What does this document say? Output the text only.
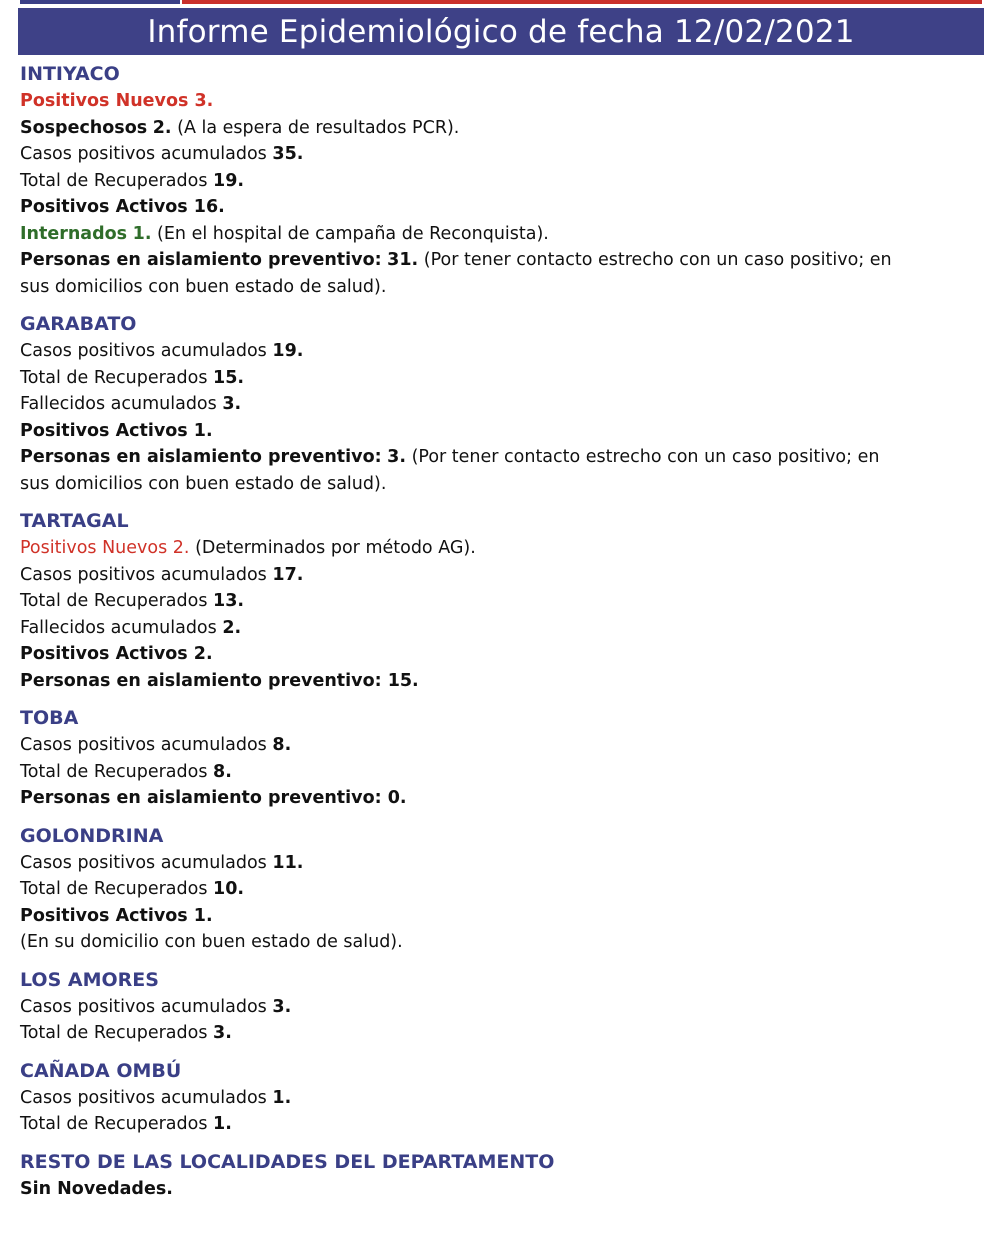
Informe Epidemiológico de fecha 12/02/2021
INTIYACO
Positivos Nuevos 3.
Sospechosos 2. (A la espera de resultados PCR).
Casos positivos acumulados 35.
Total de Recuperados 19.
Positivos Activos 16.
Internados 1. (En el hospital de campaña de Reconquista).
Personas en aislamiento preventivo: 31. (Por tener contacto estrecho con un caso positivo; en
sus domicilios con buen estado de salud).
GARABATO
Casos positivos acumulados 19.
Total de Recuperados 15.
Fallecidos acumulados 3.
Positivos Activos 1.
Personas en aislamiento preventivo: 3. (Por tener contacto estrecho con un caso positivo; en
sus domicilios con buen estado de salud).
TARTAGAL
Positivos Nuevos 2. (Determinados por método AG).
Casos positivos acumulados 17.
Total de Recuperados 13.
Fallecidos acumulados 2.
Positivos Activos 2.
Personas en aislamiento preventivo: 15.
TOBA
Casos positivos acumulados 8.
Total de Recuperados 8.
Personas en aislamiento preventivo: 0.
GOLONDRINA
Casos positivos acumulados 11.
Total de Recuperados 10.
Positivos Activos 1.
(En su domicilio con buen estado de salud).
LOS AMORES
Casos positivos acumulados 3.
Total de Recuperados 3.
CAÑADA OMBÚ
Casos positivos acumulados 1.
Total de Recuperados 1.
RESTO DE LAS LOCALIDADES DEL DEPARTAMENTO
Sin Novedades.
